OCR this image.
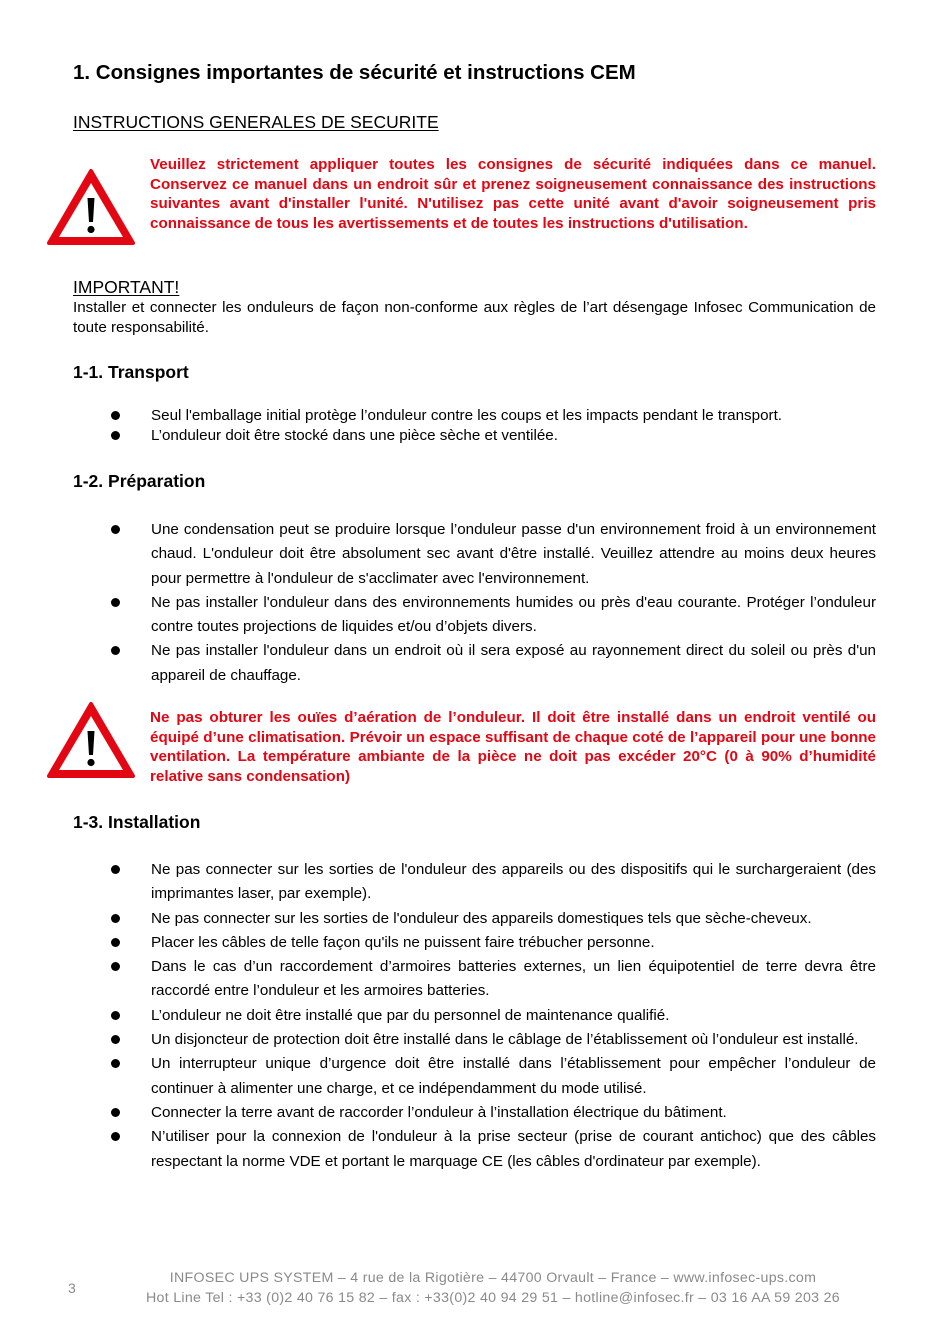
1. Consignes importantes de sécurité et instructions CEM
INSTRUCTIONS GENERALES DE SECURITE
Veuillez strictement appliquer toutes les consignes de sécurité indiquées dans ce manuel. Conservez ce manuel dans un endroit sûr et prenez soigneusement connaissance des instructions suivantes avant d'installer l'unité. N'utilisez pas cette unité avant d'avoir soigneusement pris connaissance de tous les avertissements et de toutes les instructions d'utilisation.
IMPORTANT!
Installer et connecter les onduleurs de façon non-conforme aux règles de l’art désengage Infosec Communication de toute responsabilité.
1-1. Transport
Seul l'emballage initial protège l’onduleur contre les coups et les impacts pendant le transport.
L’onduleur doit être stocké dans une pièce sèche et ventilée.
1-2. Préparation
Une condensation peut se produire lorsque l’onduleur passe d'un environnement froid à un environnement chaud. L'onduleur doit être absolument sec avant d'être installé. Veuillez attendre au moins deux heures pour permettre à l'onduleur de s'acclimater avec l'environnement.
Ne pas installer l'onduleur dans des environnements humides ou près d'eau courante. Protéger l’onduleur contre toutes projections de liquides et/ou d’objets divers.
Ne pas installer l'onduleur dans un endroit où il sera exposé au rayonnement direct du soleil ou près d'un appareil de chauffage.
Ne pas obturer les ouïes d’aération de l’onduleur. Il doit être installé dans un endroit ventilé ou équipé d’une climatisation. Prévoir un espace suffisant de chaque coté de l’appareil pour une bonne ventilation. La température ambiante de la pièce ne doit pas excéder 20°C (0 à 90% d’humidité relative sans condensation)
1-3. Installation
Ne pas connecter sur les sorties de l'onduleur des appareils ou des dispositifs qui le surchargeraient (des imprimantes laser, par exemple).
Ne pas connecter sur les sorties de l'onduleur des appareils domestiques tels que sèche-cheveux.
Placer les câbles de telle façon qu'ils ne puissent faire trébucher personne.
Dans le cas d’un raccordement d’armoires batteries externes, un lien équipotentiel de terre devra être raccordé entre l’onduleur et les armoires batteries.
L’onduleur ne doit être installé que par du personnel de maintenance qualifié.
Un disjoncteur de protection doit être installé dans le câblage de l’établissement où l’onduleur est installé.
Un interrupteur unique d’urgence doit être installé dans l’établissement pour empêcher l’onduleur de continuer à alimenter une charge, et ce indépendamment du mode utilisé.
Connecter la terre avant de raccorder l’onduleur à l’installation électrique du bâtiment.
N’utiliser pour la connexion de l'onduleur à la prise secteur (prise de courant antichoc) que des câbles respectant la norme VDE et portant le marquage CE (les câbles d'ordinateur par exemple).
3
INFOSEC UPS SYSTEM – 4 rue de la Rigotière – 44700 Orvault – France – www.infosec-ups.com
Hot Line Tel : +33 (0)2 40 76 15 82 – fax : +33(0)2 40 94 29 51 – hotline@infosec.fr – 03 16 AA 59 203 26
